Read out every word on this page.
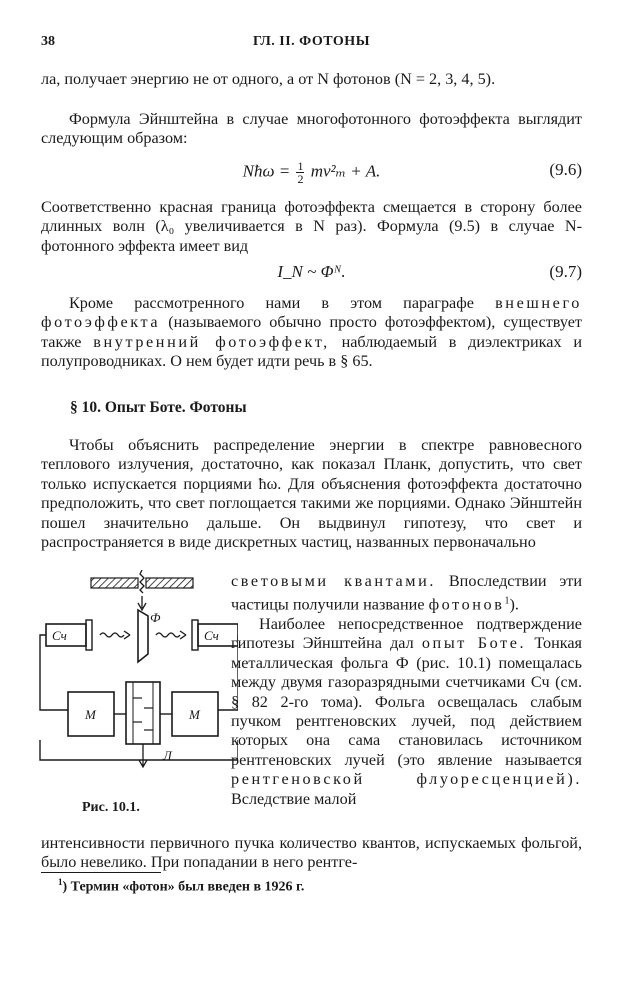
38	ГЛ. II. ФОТОНЫ

ла, получает энергию не от одного, а от N фотонов (N = 2, 3, 4, 5).

Формула Эйнштейна в случае многофотонного фотоэффекта выглядит следующим образом:

Nħω = $\frac{1}{2} mv^2_m + A$.	(9.6)

Соответственно красная граница фотоэффекта смещается в сторону более длинных волн (λ₀ увеличивается в N раз). Формула (9.5) в случае N-фотонного эффекта имеет вид

I_N ~ Φᴺ.	(9.7)

Кроме рассмотренного нами в этом параграфе внешнего фотоэффекта (называемого обычно просто фотоэффектом), существует также внутренний фотоэффект, наблюдаемый в диэлектриках и полупроводниках. О нем будет идти речь в § 65.

§ 10. Опыт Боте. Фотоны

Чтобы объяснить распределение энергии в спектре равновесного теплового излучения, достаточно, как показал Планк, допустить, что свет только испускается порциями ħω. Для объяснения фотоэффекта достаточно предположить, что свет поглощается такими же порциями. Однако Эйнштейн пошел значительно дальше. Он выдвинул гипотезу, что свет и распространяется в виде дискретных частиц, названных первоначально

световыми квантами. Впоследствии эти частицы получили название фотонов$^1$).

Наиболее непосредственное подтверждение гипотезы Эйнштейна дал опыт Боте. Тонкая металлическая фольга Ф (рис. 10.1) помещалась между двумя газоразрядными счетчиками Сч (см. § 82 2-го тома). Фольга освещалась слабым пучком рентгеновских лучей, под действием которых она сама становилась источником рентгеновских лучей (это явление называется рентгеновской флуоресценцией). Вследствие малой

интенсивности первичного пучка количество квантов, испускаемых фольгой, было невелико. При попадании в него рентге-

Ф
Сч	Сч
М	М
Л
Рис. 10.1.
$^1$) Термин «фотон» был введен в 1926 г.
